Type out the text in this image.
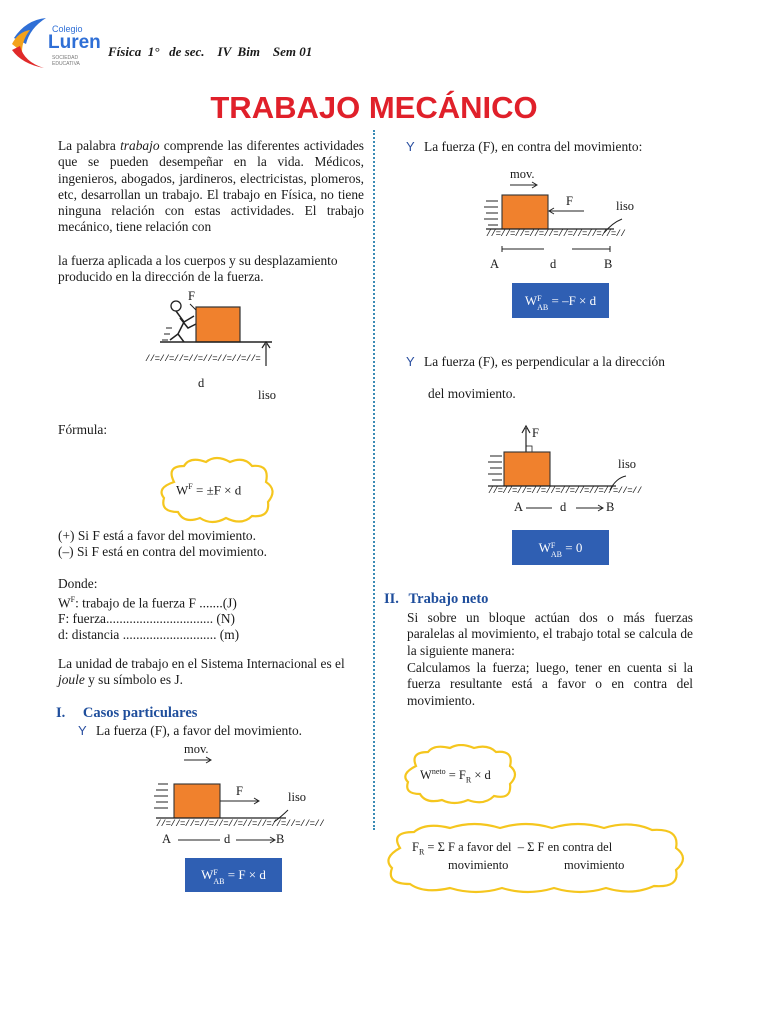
Colegio
Luren
SOCIEDAD EDUCATIVA
Física  1°   de sec.    IV  Bim    Sem 01
TRABAJO MECÁNICO

La palabra trabajo comprende las diferentes actividades que se pueden desempeñar en la vida. Médicos, ingenieros, abogados, jardineros, electricistas, plomeros, etc, desarrollan un trabajo. El trabajo en Física, no tiene ninguna relación con estas actividades. El trabajo mecánico, tiene relación con

la fuerza aplicada a los cuerpos y su desplazamiento producido en la dirección de la fuerza.

F
//=//=//=//=//=//=//=//=
d
liso
Fórmula:
$W^F = \pm F \times d$
(+) Si F está a favor del movimiento.
(–) Si F está en contra del movimiento.
Donde:
$W^F$: trabajo de la fuerza F .......(J)
F: fuerza................................ (N)
d: distancia ............................ (m)

La unidad de trabajo en el Sistema Internacional es el joule y su símbolo es J.

I. Casos particulares
Y La fuerza (F), a favor del movimiento.
mov.
F	liso
//=//=//=//=//=//=//=//=//=//=//=//
A	d	B
W F
AB = F × d
Y La fuerza (F), en contra del movimiento:
mov.
F	liso
//=//=//=//=//=//=//=//=//=//
A	d	B
W F
AB = –F × d
Y La fuerza (F), es perpendicular a la dirección
del movimiento.
F
liso
//=//=//=//=//=//=//=//=//=//=//
A	d	B
W F
AB = 0
II. Trabajo neto

Si sobre un bloque actúan dos o más fuerzas paralelas al movimiento, el trabajo total se calcula de la siguiente manera:

Calculamos la fuerza; luego, tener en cuenta si la fuerza resultante está a favor o en contra del movimiento.

$W^{neto} = F_R \times d$
$F_R = \Sigma$ F a favor del  – Σ F en contra del
movimiento	movimiento
